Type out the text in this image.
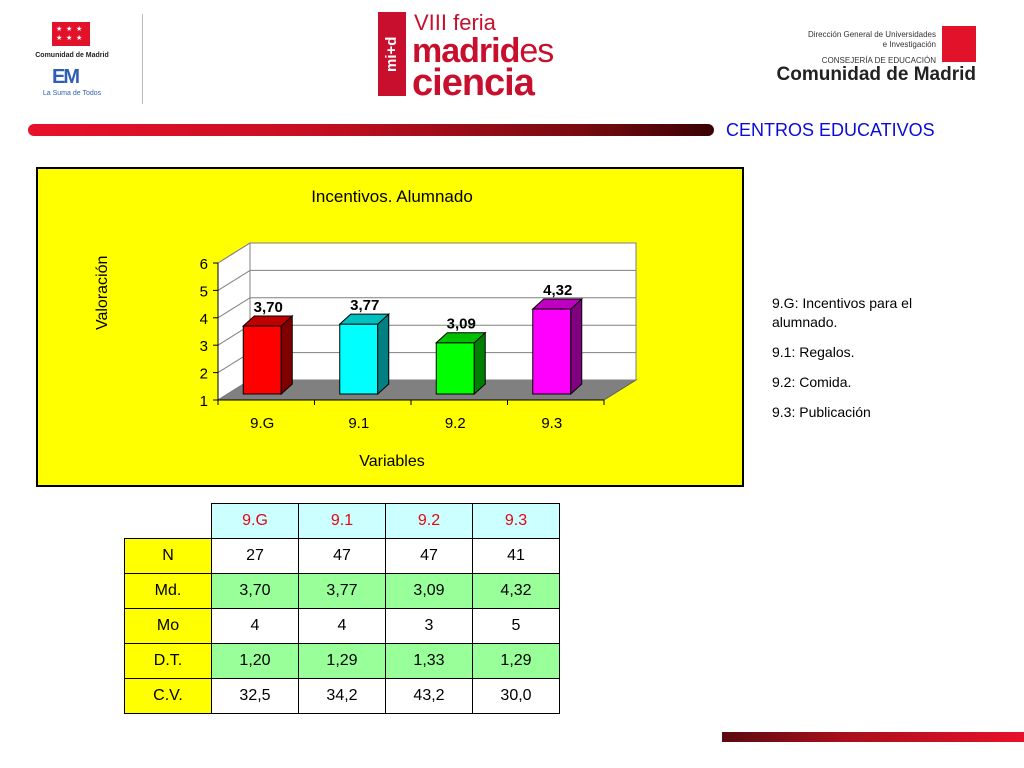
★ ★ ★
★ ★ ★
Comunidad de Madrid
EM
La Suma de Todos
mi+d
VIII feria
madrides
ciencia
Dirección General de Universidades
e Investigación
CONSEJERÍA DE EDUCACIÓN
Comunidad de Madrid
CENTROS EDUCATIVOS
Incentivos. Alumnado
1
2
3
4
5
6
3,70
9.G
3,77
9.1
3,09
9.2
4,32
9.3
Variables
Valoración	9.G: Incentivos para el alumnado.

9.1: Regalos.

9.2: Comida.

9.3: Publicación

	9.G	9.1	9.2	9.3
N	27	47	47	41
Md.	3,70	3,77	3,09	4,32
Mo	4	4	3	5
D.T.	1,20	1,29	1,33	1,29
C.V.	32,5	34,2	43,2	30,0
